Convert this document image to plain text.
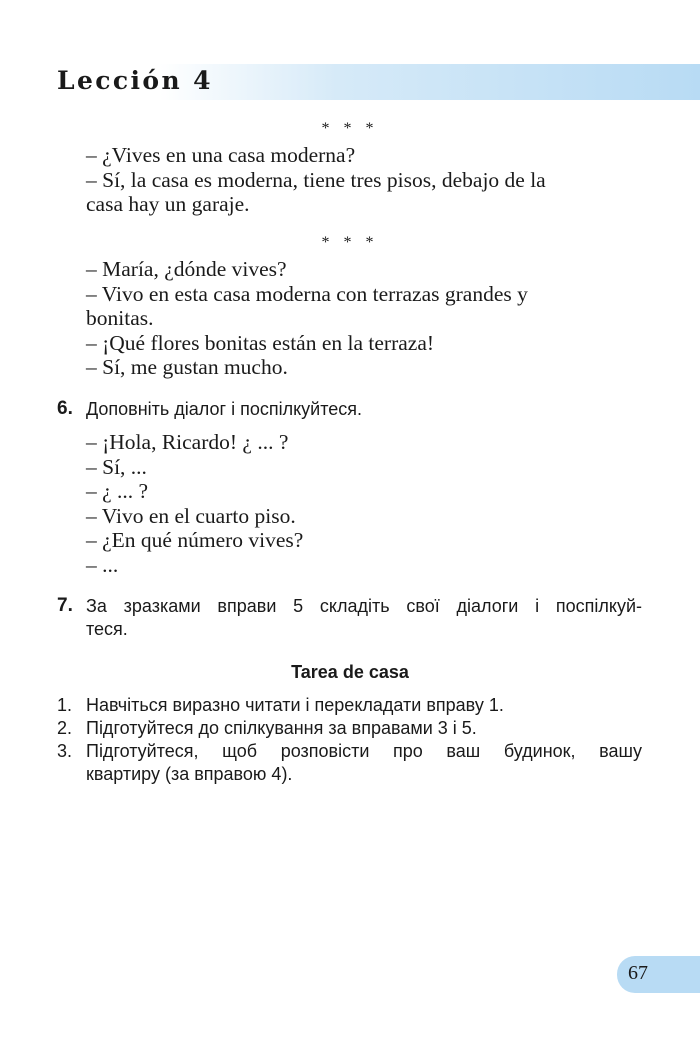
Lección 4
* * *

– ¿Vives en una casa moderna?

– Sí, la casa es moderna, tiene tres pisos, debajo de la

casa hay un garaje.

* * *

– María, ¿dónde vives?

– Vivo en esta casa moderna con terrazas grandes y

bonitas.

– ¡Qué flores bonitas están en la terraza!

– Sí, me gustan mucho.

6. Доповніть діалог і поспілкуйтеся.

– ¡Hola, Ricardo! ¿ ... ?

– Sí, ...

– ¿ ... ?

– Vivo en el cuarto piso.

– ¿En qué número vives?

– ...

7. За зразками вправи 5 складіть свої діалоги і поспілкуй-
теся.
Tarea de casa
1. Навчіться виразно читати і перекладати вправу 1.
2. Підготуйтеся до спілкування за вправами 3 і 5.
3. Підготуйтеся, щоб розповісти про ваш будинок, вашу
квартиру (за вправою 4).
67
